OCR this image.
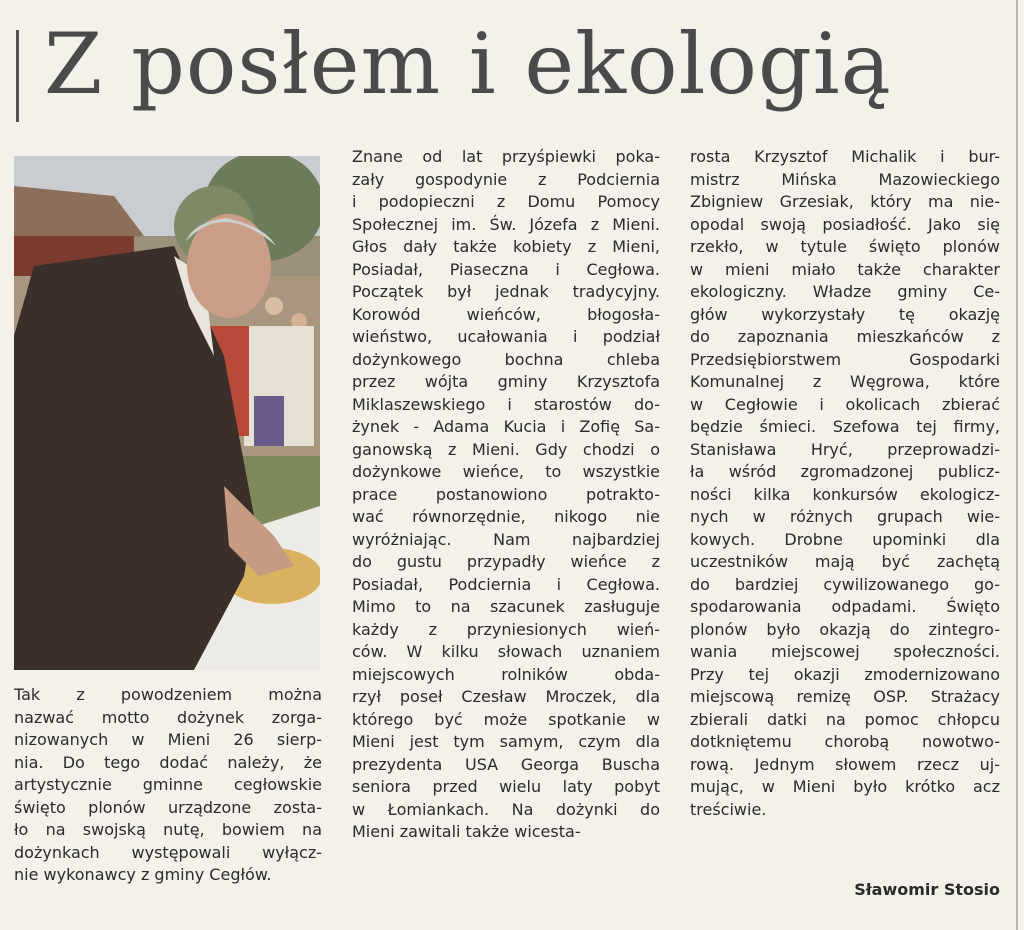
Z posłem i ekologią
Tak z powodzeniem można
nazwać motto dożynek zorga-
nizowanych w Mieni 26 sierp-
nia. Do tego dodać należy, że
artystycznie gminne cegłowskie
święto plonów urządzone zosta-
ło na swojską nutę, bowiem na
dożynkach występowali wyłącz-
nie wykonawcy z gminy Cegłów.
Znane od lat przyśpiewki poka-
zały gospodynie z Podciernia
i podopieczni z Domu Pomocy
Społecznej im. Św. Józefa z Mieni.
Głos dały także kobiety z Mieni,
Posiadał, Piaseczna i Cegłowa.
Początek był jednak tradycyjny.
Korowód wieńców, błogosła-
wieństwo, ucałowania i podział
dożynkowego bochna chleba
przez wójta gminy Krzysztofa
Miklaszewskiego i starostów do-
żynek - Adama Kucia i Zofię Sa-
ganowską z Mieni. Gdy chodzi o
dożynkowe wieńce, to wszystkie
prace postanowiono potrakto-
wać równorzędnie, nikogo nie
wyróżniając. Nam najbardziej
do gustu przypadły wieńce z
Posiadał, Podciernia i Cegłowa.
Mimo to na szacunek zasługuje
każdy z przyniesionych wień-
ców. W kilku słowach uznaniem
miejscowych rolników obda-
rzył poseł Czesław Mroczek, dla
którego być może spotkanie w
Mieni jest tym samym, czym dla
prezydenta USA Georga Buscha
seniora przed wielu laty pobyt
w Łomiankach. Na dożynki do
Mieni zawitali także wicesta-
rosta Krzysztof Michalik i bur-
mistrz Mińska Mazowieckiego
Zbigniew Grzesiak, który ma nie-
opodal swoją posiadłość. Jako się
rzekło, w tytule święto plonów
w mieni miało także charakter
ekologiczny. Władze gminy Ce-
głów wykorzystały tę okazję
do zapoznania mieszkańców z
Przedsiębiorstwem Gospodarki
Komunalnej z Węgrowa, które
w Cegłowie i okolicach zbierać
będzie śmieci. Szefowa tej firmy,
Stanisława Hryć, przeprowadzi-
ła wśród zgromadzonej publicz-
ności kilka konkursów ekologicz-
nych w różnych grupach wie-
kowych. Drobne upominki dla
uczestników mają być zachętą
do bardziej cywilizowanego go-
spodarowania odpadami. Święto
plonów było okazją do zintegro-
wania miejscowej społeczności.
Przy tej okazji zmodernizowano
miejscową remizę OSP. Strażacy
zbierali datki na pomoc chłopcu
dotkniętemu chorobą nowotwo-
rową. Jednym słowem rzecz uj-
mując, w Mieni było krótko acz
treściwie.
Sławomir Stosio
